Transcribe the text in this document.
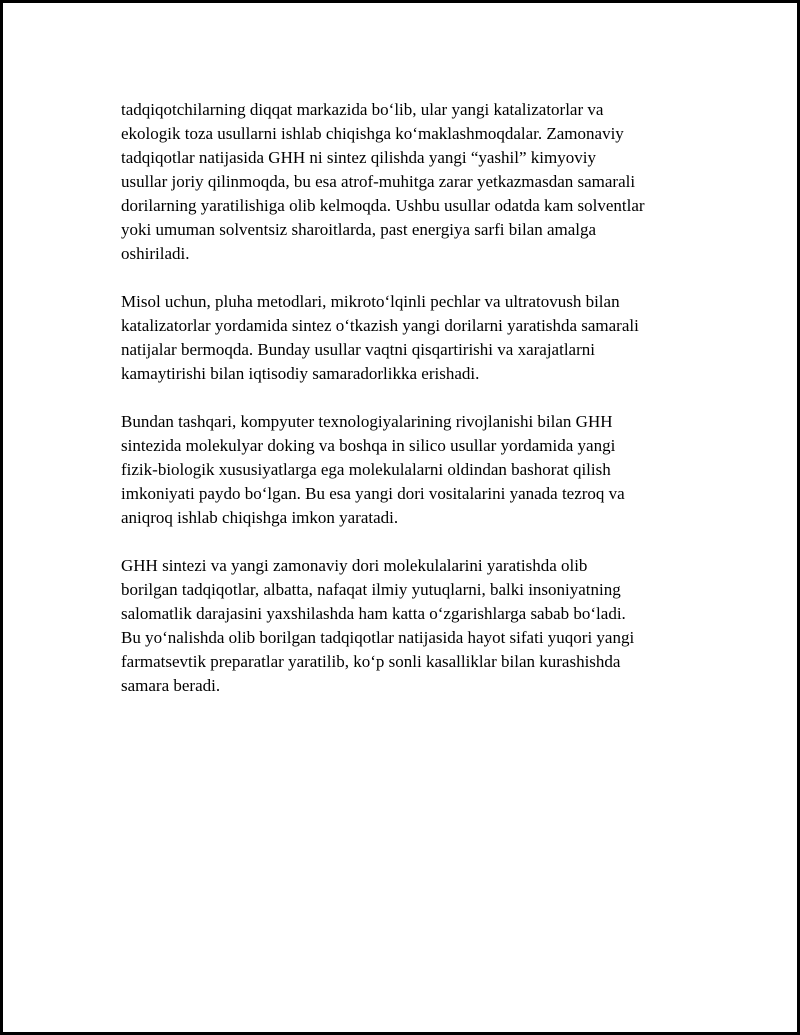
tadqiqotchilarning diqqat markazida bo‘lib, ular yangi katalizatorlar va
ekologik toza usullarni ishlab chiqishga ko‘maklashmoqdalar. Zamonaviy
tadqiqotlar natijasida GHH ni sintez qilishda yangi “yashil” kimyoviy
usullar joriy qilinmoqda, bu esa atrof-muhitga zarar yetkazmasdan samarali
dorilarning yaratilishiga olib kelmoqda. Ushbu usullar odatda kam solventlar
yoki umuman solventsiz sharoitlarda, past energiya sarfi bilan amalga
oshiriladi.

Misol uchun, pluha metodlari, mikroto‘lqinli pechlar va ultratovush bilan
katalizatorlar yordamida sintez o‘tkazish yangi dorilarni yaratishda samarali
natijalar bermoqda. Bunday usullar vaqtni qisqartirishi va xarajatlarni
kamaytirishi bilan iqtisodiy samaradorlikka erishadi.

Bundan tashqari, kompyuter texnologiyalarining rivojlanishi bilan GHH
sintezida molekulyar doking va boshqa in silico usullar yordamida yangi
fizik-biologik xususiyatlarga ega molekulalarni oldindan bashorat qilish
imkoniyati paydo bo‘lgan. Bu esa yangi dori vositalarini yanada tezroq va
aniqroq ishlab chiqishga imkon yaratadi.

GHH sintezi va yangi zamonaviy dori molekulalarini yaratishda olib
borilgan tadqiqotlar, albatta, nafaqat ilmiy yutuqlarni, balki insoniyatning
salomatlik darajasini yaxshilashda ham katta o‘zgarishlarga sabab bo‘ladi.
Bu yo‘nalishda olib borilgan tadqiqotlar natijasida hayot sifati yuqori yangi
farmatsevtik preparatlar yaratilib, ko‘p sonli kasalliklar bilan kurashishda
samara beradi.
